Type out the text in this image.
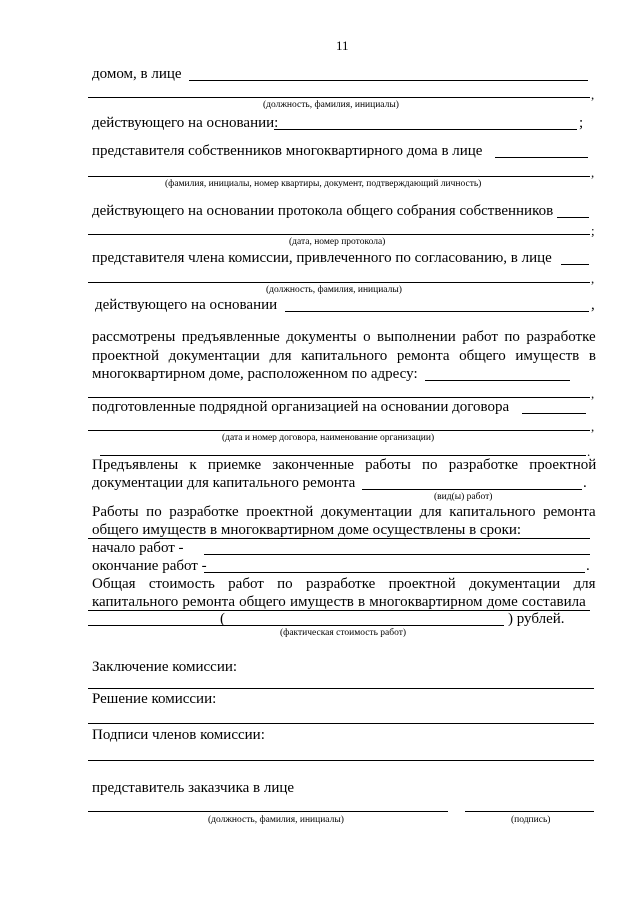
11
домом, в лице
,
(должность, фамилия, инициалы)
действующего на основании:	;
представителя собственников многоквартирного дома в лице
,
(фамилия, инициалы, номер квартиры, документ, подтверждающий личность)
действующего на основании протокола общего собрания собственников
;
(дата, номер протокола)
представителя члена комиссии, привлеченного по согласованию, в лице
,
(должность, фамилия, инициалы)
действующего на основании	,
рассмотрены предъявленные документы о выполнении работ по разработке
проектной документации для капитального ремонта общего имуществ в
многоквартирном доме, расположенном по адресу:
,
подготовленные подрядной организацией на основании договора
,
(дата и номер договора, наименование организации)
.
Предъявлены к приемке законченные работы по разработке проектной
документации для капитального ремонта	.
(вид(ы) работ)
Работы по разработке проектной документации для капитального ремонта
общего имуществ в многоквартирном доме осуществлены в сроки:
начало работ -
окончание работ -	.
Общая стоимость работ по разработке проектной документации для
капитального ремонта общего имуществ в многоквартирном доме составила
(	) рублей.
(фактическая стоимость работ)
Заключение комиссии:
Решение комиссии:
Подписи членов комиссии:
представитель заказчика в лице
(должность, фамилия, инициалы)	(подпись)
